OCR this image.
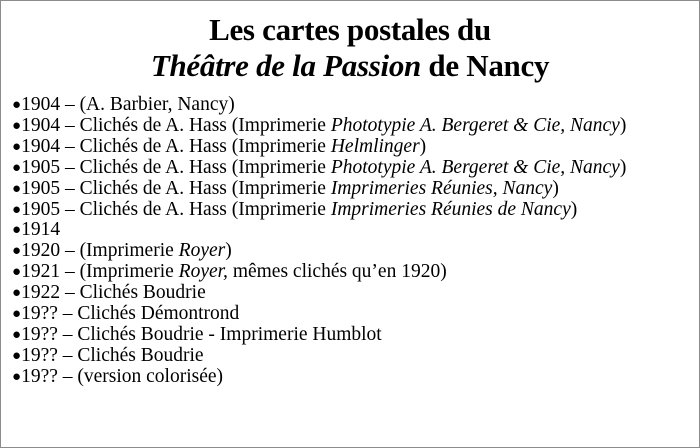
Les cartes postales du
Théâtre de la Passion de Nancy
●1904 – (A. Barbier, Nancy)
●1904 – Clichés de A. Hass (Imprimerie Phototypie A. Bergeret & Cie, Nancy)
●1904 – Clichés de A. Hass (Imprimerie Helmlinger)
●1905 – Clichés de A. Hass (Imprimerie Phototypie A. Bergeret & Cie, Nancy)
●1905 – Clichés de A. Hass (Imprimerie Imprimeries Réunies, Nancy)
●1905 – Clichés de A. Hass (Imprimerie Imprimeries Réunies de Nancy)
●1914
●1920 – (Imprimerie Royer)
●1921 – (Imprimerie Royer, mêmes clichés qu’en 1920)
●1922 – Clichés Boudrie
●19?? – Clichés Démontrond
●19?? – Clichés Boudrie - Imprimerie Humblot
●19?? – Clichés Boudrie
●19?? – (version colorisée)
